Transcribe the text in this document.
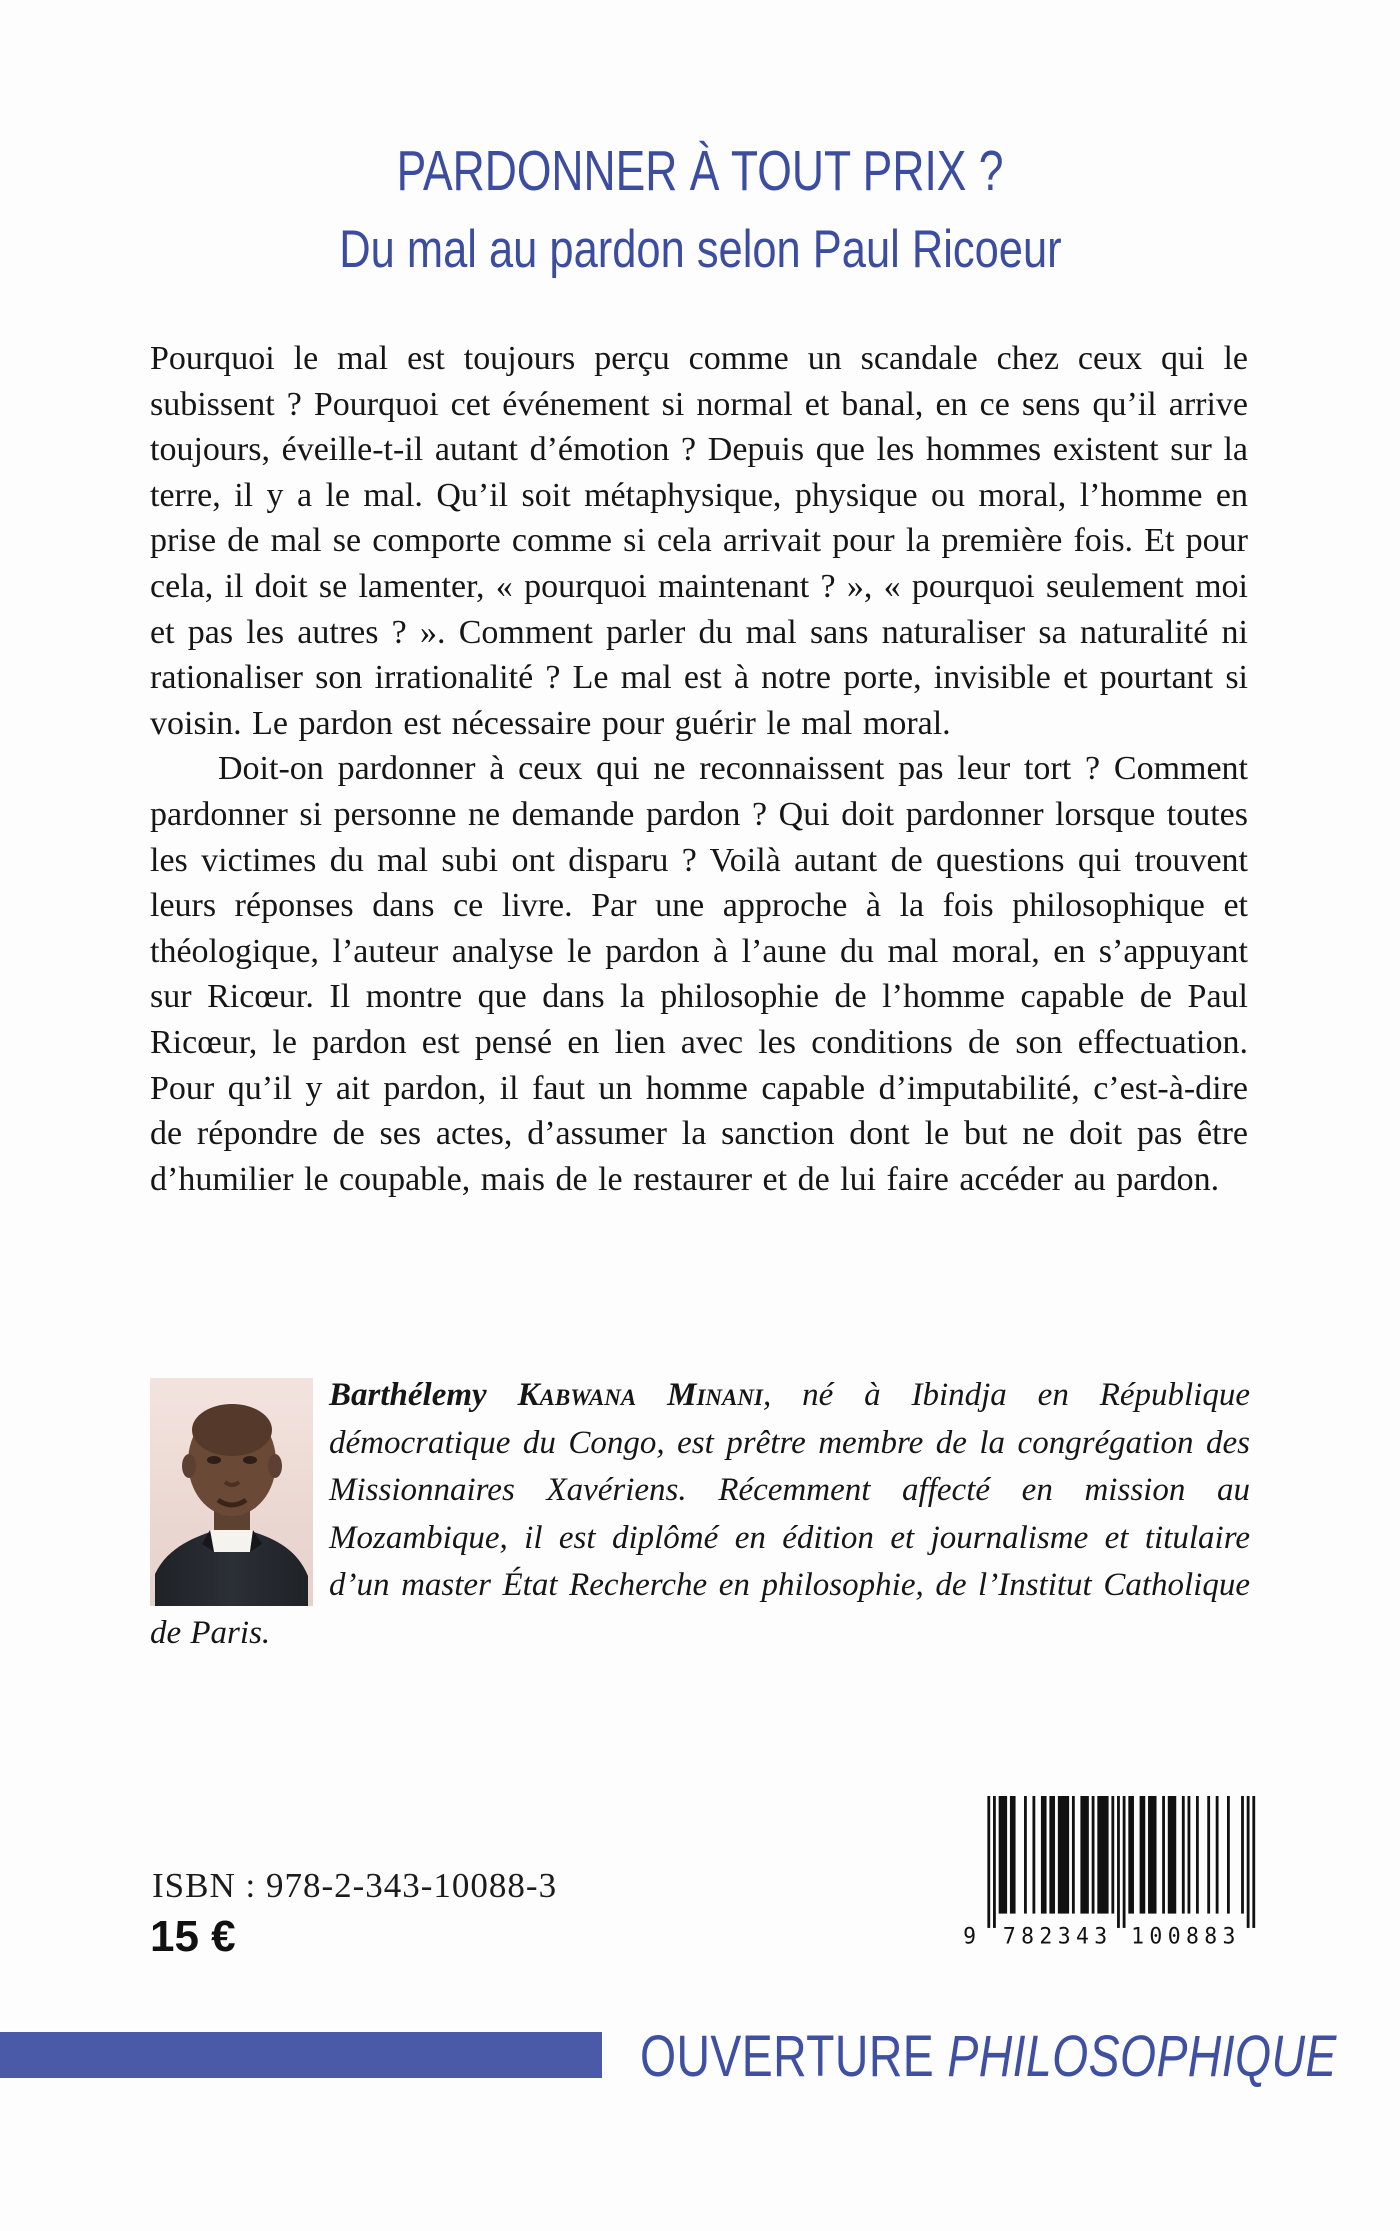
PARDONNER À TOUT PRIX ?
Du mal au pardon selon Paul Ricoeur

Pourquoi le mal est toujours perçu comme un scandale chez ceux qui le subissent ? Pourquoi cet événement si normal et banal, en ce sens qu’il arrive toujours, éveille-t-il autant d’émotion ? Depuis que les hommes existent sur la terre, il y a le mal. Qu’il soit métaphysique, physique ou moral, l’homme en prise de mal se comporte comme si cela arrivait pour la première fois. Et pour cela, il doit se lamenter, « pourquoi maintenant ? », « pourquoi seulement moi et pas les autres ? ». Comment parler du mal sans naturaliser sa naturalité ni rationaliser son irrationalité ? Le mal est à notre porte, invisible et pourtant si voisin. Le pardon est nécessaire pour guérir le mal moral.

Doit-on pardonner à ceux qui ne reconnaissent pas leur tort ? Comment pardonner si personne ne demande pardon ? Qui doit pardonner lorsque toutes les victimes du mal subi ont disparu ? Voilà autant de questions qui trouvent leurs réponses dans ce livre. Par une approche à la fois philosophique et théologique, l’auteur analyse le pardon à l’aune du mal moral, en s’appuyant sur Ricœur. Il montre que dans la philosophie de l’homme capable de Paul Ricœur, le pardon est pensé en lien avec les conditions de son effectuation. Pour qu’il y ait pardon, il faut un homme capable d’imputabilité, c’est-à-dire de répondre de ses actes, d’assumer la sanction dont le but ne doit pas être d’humilier le coupable, mais de le restaurer et de lui faire accéder au pardon.

Barthélemy Kabwana Minani, né à Ibindja en République démocratique du Congo, est prêtre membre de la congrégation des Missionnaires Xavériens. Récemment affecté en mission au Mozambique, il est diplômé en édition et journalisme et titulaire d’un master État Recherche en philosophie, de l’Institut Catholique de Paris.
ISBN : 978-2-343-10088-3
15 €	9	782343	100883
OUVERTURE PHILOSOPHIQUE
